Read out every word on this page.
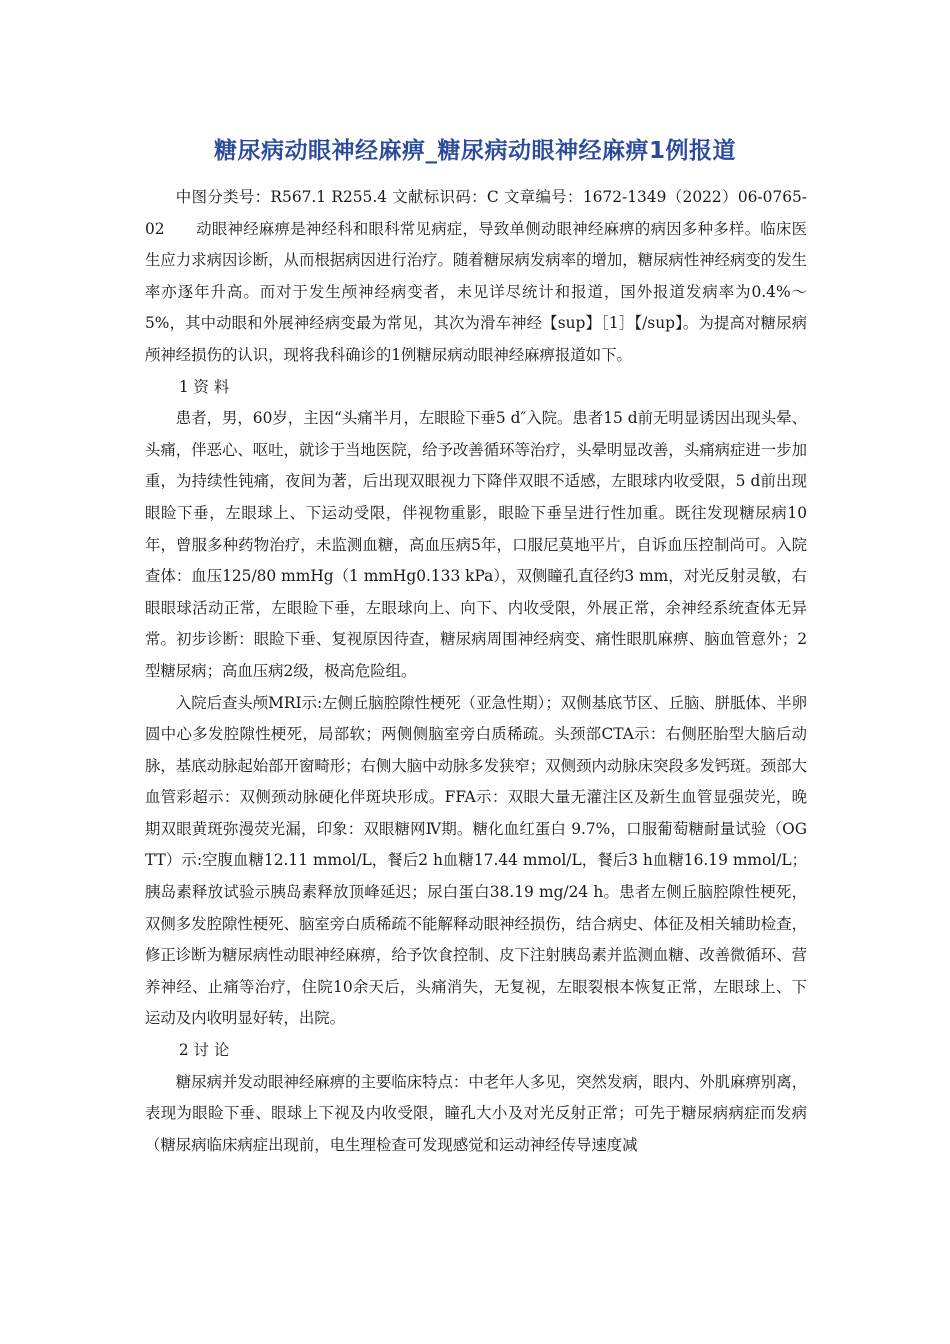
糖尿病动眼神经麻痹_糖尿病动眼神经麻痹1例报道

中图分类号：R567.1 R255.4 文献标识码：C 文章编号：1672-1349（2022）06-0765-02　　动眼神经麻痹是神经科和眼科常见病症，导致单侧动眼神经麻痹的病因多种多样。临床医生应力求病因诊断，从而根据病因进行治疗。随着糖尿病发病率的增加，糖尿病性神经病变的发生率亦逐年升高。而对于发生颅神经病变者，未见详尽统计和报道，国外报道发病率为0.4%～5%，其中动眼和外展神经病变最为常见，其次为滑车神经【sup】［1］【/sup】。为提高对糖尿病颅神经损伤的认识，现将我科确诊的1例糖尿病动眼神经麻痹报道如下。

1 资 料

患者，男，60岁，主因“头痛半月，左眼睑下垂5 d″入院。患者15 d前无明显诱因出现头晕、头痛，伴恶心、呕吐，就诊于当地医院，给予改善循环等治疗，头晕明显改善，头痛病症进一步加重，为持续性钝痛，夜间为著，后出现双眼视力下降伴双眼不适感，左眼球内收受限，5 d前出现眼睑下垂，左眼球上、下运动受限，伴视物重影，眼睑下垂呈进行性加重。既往发现糖尿病10年，曾服多种药物治疗，未监测血糖，高血压病5年，口服尼莫地平片，自诉血压控制尚可。入院查体：血压125/80 mmHg（1 mmHg0.133 kPa），双侧瞳孔直径约3 mm，对光反射灵敏，右眼眼球活动正常，左眼睑下垂，左眼球向上、向下、内收受限，外展正常，余神经系统查体无异常。初步诊断：眼睑下垂、复视原因待查，糖尿病周围神经病变、痛性眼肌麻痹、脑血管意外；2型糖尿病；高血压病2级，极高危险组。

入院后查头颅MRI示:左侧丘脑腔隙性梗死（亚急性期）；双侧基底节区、丘脑、胼胝体、半卵圆中心多发腔隙性梗死，局部软；两侧侧脑室旁白质稀疏。头颈部CTA示：右侧胚胎型大脑后动脉，基底动脉起始部开窗畸形；右侧大脑中动脉多发狭窄；双侧颈内动脉床突段多发钙斑。颈部大血管彩超示：双侧颈动脉硬化伴斑块形成。FFA示：双眼大量无灌注区及新生血管显强荧光，晚期双眼黄斑弥漫荧光漏，印象：双眼糖网Ⅳ期。糖化血红蛋白 9.7%，口服葡萄糖耐量试验（OGTT）示:空腹血糖12.11 mmol/L，餐后2 h血糖17.44 mmol/L，餐后3 h血糖16.19 mmol/L；胰岛素释放试验示胰岛素释放顶峰延迟；尿白蛋白38.19 mg/24 h。患者左侧丘脑腔隙性梗死，双侧多发腔隙性梗死、脑室旁白质稀疏不能解释动眼神经损伤，结合病史、体征及相关辅助检查，修正诊断为糖尿病性动眼神经麻痹，给予饮食控制、皮下注射胰岛素并监测血糖、改善微循环、营养神经、止痛等治疗，住院10余天后，头痛消失，无复视，左眼裂根本恢复正常，左眼球上、下运动及内收明显好转，出院。

2 讨 论

糖尿病并发动眼神经麻痹的主要临床特点：中老年人多见，突然发病，眼内、外肌麻痹别离，表现为眼睑下垂、眼球上下视及内收受限，瞳孔大小及对光反射正常；可先于糖尿病病症而发病（糖尿病临床病症出现前，电生理检查可发现感觉和运动神经传导速度减
